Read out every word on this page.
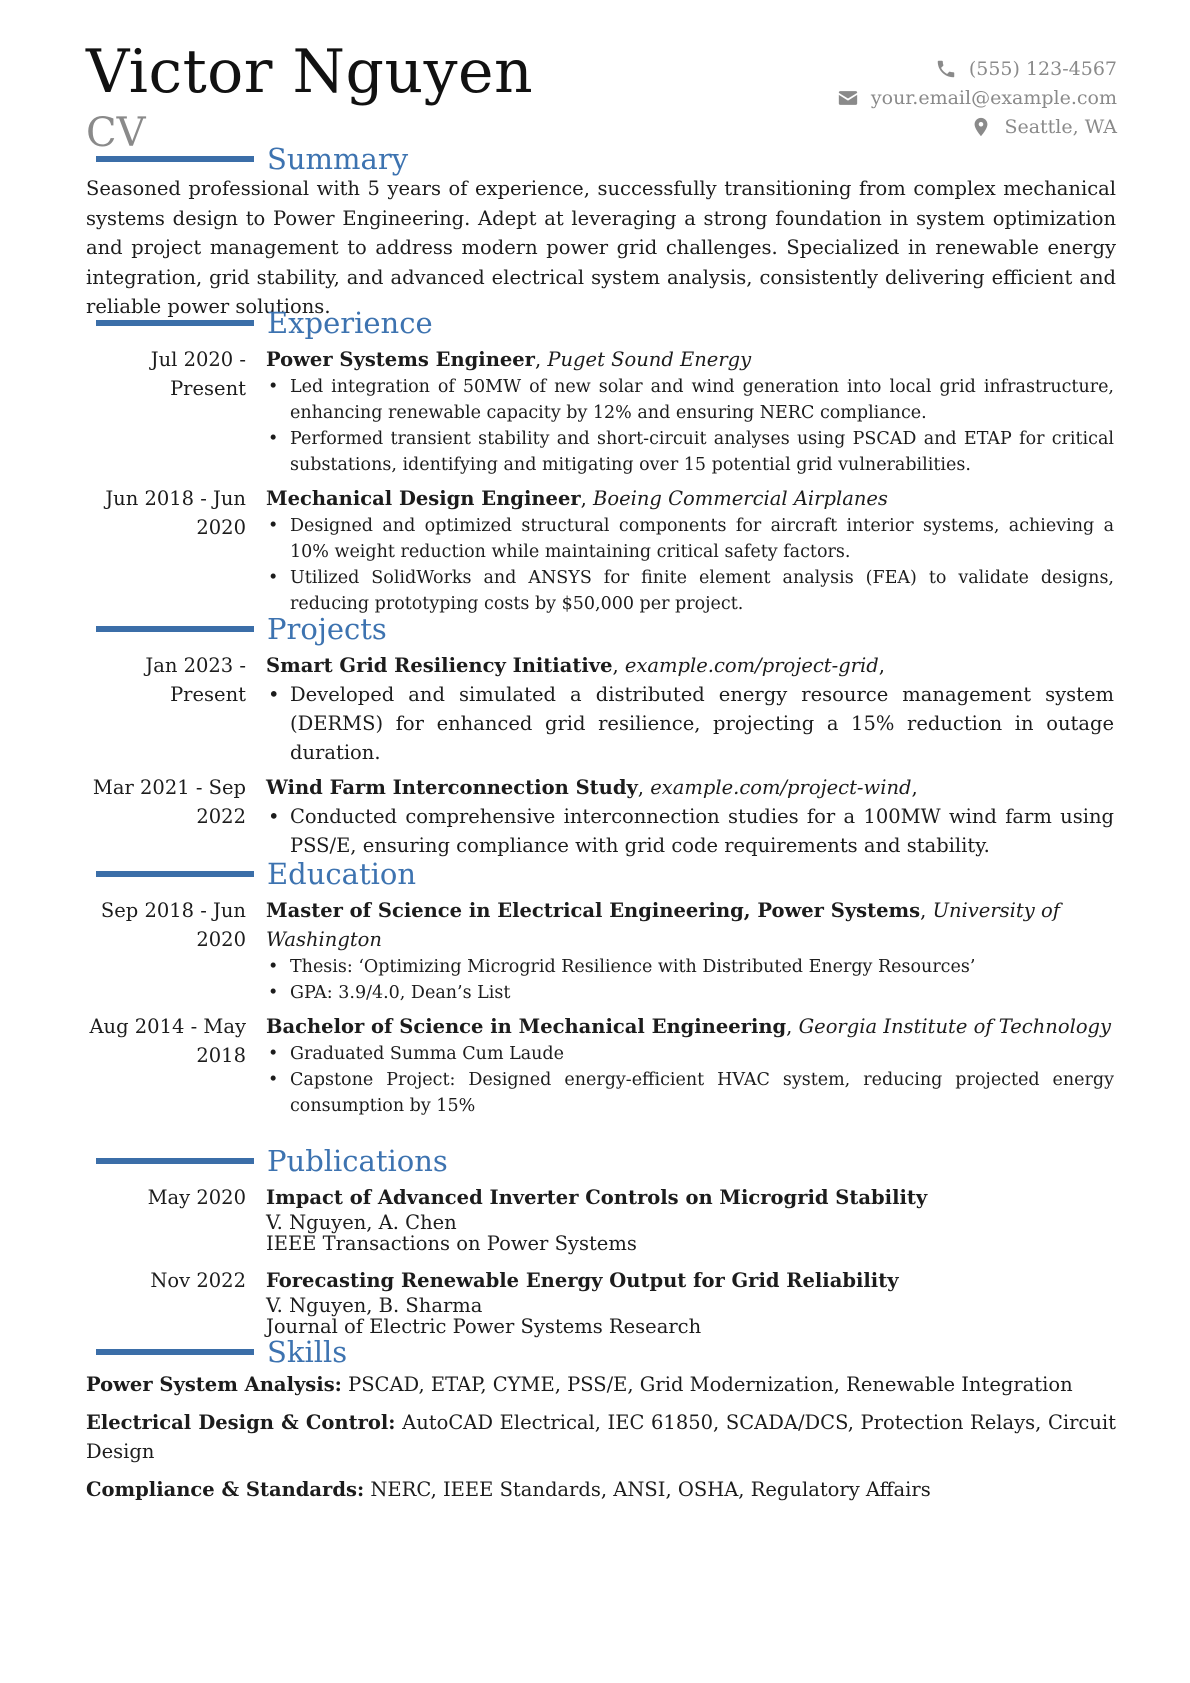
Victor Nguyen
CV
(555) 123-4567
your.email@example.com
Seattle, WA
Summary
Seasoned professional with 5 years of experience, successfully transitioning from complex mechanical systems design to Power Engineering. Adept at leveraging a strong foundation in system optimization and project management to address modern power grid challenges. Specialized in renewable energy integration, grid stability, and advanced electrical system analysis, consistently delivering efficient and reliable power solutions.
Experience
Jul 2020 - Present
Power Systems Engineer, Puget Sound Energy
• Led integration of 50MW of new solar and wind generation into local grid infrastructure, enhancing renewable capacity by 12% and ensuring NERC compliance.
• Performed transient stability and short-circuit analyses using PSCAD and ETAP for critical substations, identifying and mitigating over 15 potential grid vulnerabilities.
Jun 2018 - Jun 2020
Mechanical Design Engineer, Boeing Commercial Airplanes
• Designed and optimized structural components for aircraft interior systems, achieving a 10% weight reduction while maintaining critical safety factors.
• Utilized SolidWorks and ANSYS for finite element analysis (FEA) to validate designs, reducing prototyping costs by $50,000 per project.
Projects
Jan 2023 - Present
Smart Grid Resiliency Initiative, example.com/project-grid,
• Developed and simulated a distributed energy resource management system (DERMS) for enhanced grid resilience, projecting a 15% reduction in outage duration.
Mar 2021 - Sep 2022
Wind Farm Interconnection Study, example.com/project-wind,
• Conducted comprehensive interconnection studies for a 100MW wind farm using PSS/E, ensuring compliance with grid code requirements and stability.
Education
Sep 2018 - Jun 2020
Master of Science in Electrical Engineering, Power Systems, University of Washington
• Thesis: ‘Optimizing Microgrid Resilience with Distributed Energy Resources’
• GPA: 3.9/4.0, Dean’s List
Aug 2014 - May 2018
Bachelor of Science in Mechanical Engineering, Georgia Institute of Technology
• Graduated Summa Cum Laude
• Capstone Project: Designed energy-efficient HVAC system, reducing projected energy consumption by 15%
Publications
May 2020 Impact of Advanced Inverter Controls on Microgrid Stability
V. Nguyen, A. Chen
IEEE Transactions on Power Systems
Nov 2022 Forecasting Renewable Energy Output for Grid Reliability
V. Nguyen, B. Sharma
Journal of Electric Power Systems Research
Skills
Power System Analysis: PSCAD, ETAP, CYME, PSS/E, Grid Modernization, Renewable Integration
Electrical Design & Control: AutoCAD Electrical, IEC 61850, SCADA/DCS, Protection Relays, Circuit Design
Compliance & Standards: NERC, IEEE Standards, ANSI, OSHA, Regulatory Affairs
